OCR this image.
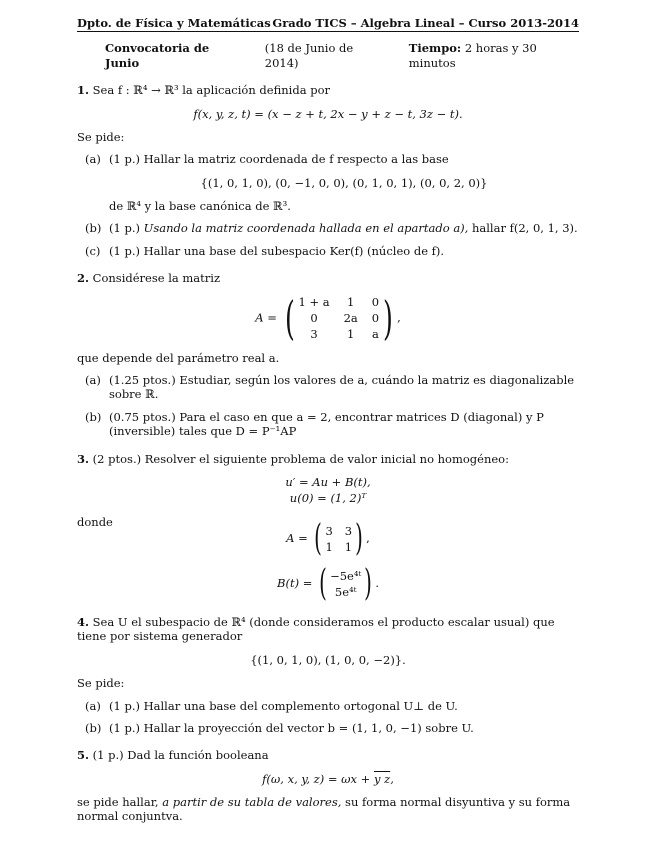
Dpto. de Física y Matemáticas Grado TICS – Algebra Lineal – Curso 2013-2014
Convocatoria de Junio
(18 de Junio de 2014)
Tiempo: 2 horas y 30 minutos
1. Sea f : ℝ⁴ → ℝ³ la aplicación definida por
f(x, y, z, t) = (x − z + t, 2x − y + z − t, 3z − t).
Se pide:
(a) (1 p.) Hallar la matriz coordenada de f respecto a las base
{(1, 0, 1, 0), (0, −1, 0, 0), (0, 1, 0, 1), (0, 0, 2, 0)}
de ℝ⁴ y la base canónica de ℝ³.
(b) (1 p.) Usando la matriz coordenada hallada en el apartado a), hallar f(2, 0, 1, 3).
(c) (1 p.) Hallar una base del subespacio Ker(f) (núcleo de f).
2. Considérese la matriz
A = ( 1 + a 1 0
0	2a 0
3	1 a ) ,
que depende del parámetro real a.
(a) (1.25 ptos.) Estudiar, según los valores de a, cuándo la matriz es diagonalizable sobre ℝ.
(b) (0.75 ptos.) Para el caso en que a = 2, encontrar matrices D (diagonal) y P (inversible) tales que D = P⁻¹AP
3. (2 ptos.) Resolver el siguiente problema de valor inicial no homogéneo:
u′ = Au + B(t),
u(0) = (1, 2)ᵀ
donde
A = ( 3 3
1 1 ) ,
B(t) = ( −5e⁴ᵗ
5e⁴ᵗ ) .
4. Sea U el subespacio de ℝ⁴ (donde consideramos el producto escalar usual) que tiene por sistema generador
{(1, 0, 1, 0), (1, 0, 0, −2)}.
Se pide:
(a) (1 p.) Hallar una base del complemento ortogonal U⊥ de U.
(b) (1 p.) Hallar la proyección del vector b = (1, 1, 0, −1) sobre U.
5. (1 p.) Dad la función booleana
f(ω, x, y, z) = ωx + y z,
se pide hallar, a partir de su tabla de valores, su forma normal disyuntiva y su forma normal conjuntva.
